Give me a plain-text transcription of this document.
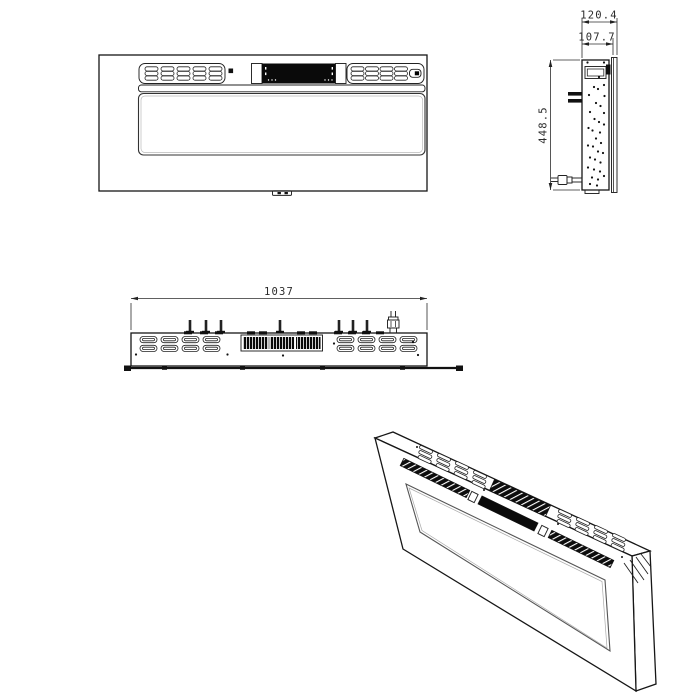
120.4
107.7
448.5
1037
